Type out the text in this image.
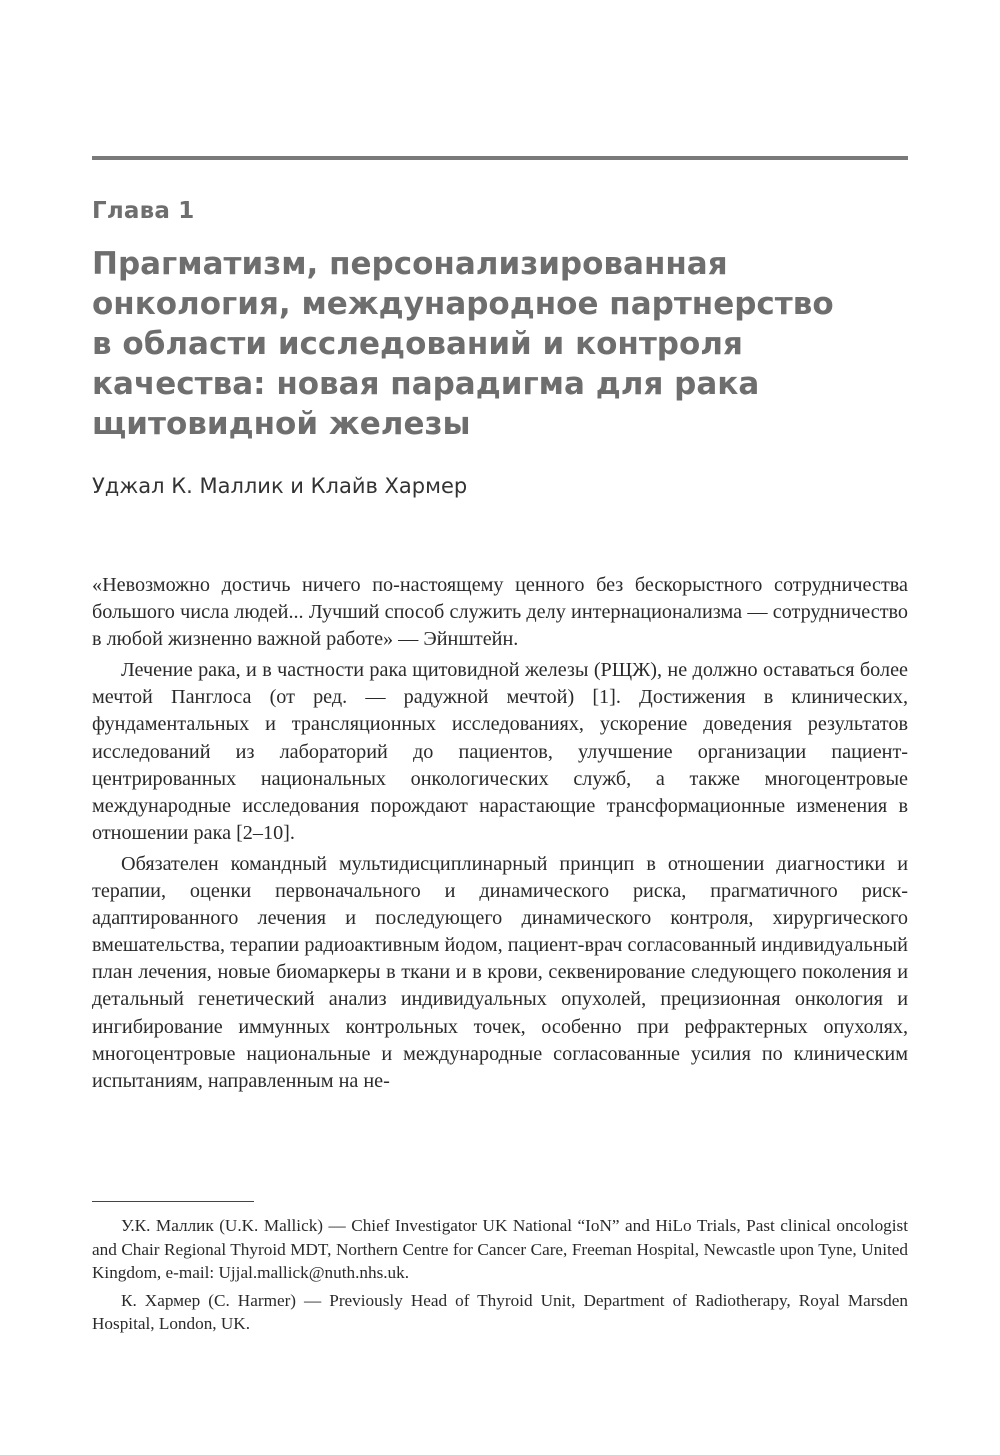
Глава 1
Прагматизм, персонализированная
онкология, международное партнерство
в области исследований и контроля
качества: новая парадигма для рака
щитовидной железы
Уджал К. Маллик и Клайв Хармер

«Невозможно достичь ничего по-настоящему ценного без бескорыстного сотрудничества большого числа людей... Лучший способ служить делу интернационализма — сотрудничество в любой жизненно важной работе» — Эйнштейн.

Лечение рака, и в частности рака щитовидной железы (РЩЖ), не должно оставаться более мечтой Панглоса (от ред. — радужной мечтой) [1]. Достижения в клинических, фундаментальных и трансляционных исследованиях, ускорение доведения результатов исследований из лабораторий до пациентов, улучшение организации пациент-центрированных национальных онкологических служб, а также многоцентровые международные исследования порождают нарастающие трансформационные изменения в отношении рака [2–10].

Обязателен командный мультидисциплинарный принцип в отношении диагностики и терапии, оценки первоначального и динамического риска, прагматичного риск-адаптированного лечения и последующего динамического контроля, хирургического вмешательства, терапии радиоактивным йодом, пациент-врач согласованный индивидуальный план лечения, новые биомаркеры в ткани и в крови, секвенирование следующего поколения и детальный генетический анализ индивидуальных опухолей, прецизионная онкология и ингибирование иммунных контрольных точек, особенно при рефрактерных опухолях, многоцентровые национальные и международные согласованные усилия по клиническим испытаниям, направленным на не-

У.К. Маллик (U.K. Mallick) — Chief Investigator UK National “IoN” and HiLo Trials, Past clinical oncologist and Chair Regional Thyroid MDT, Northern Centre for Cancer Care, Freeman Hospital, Newcastle upon Tyne, United Kingdom, e-mail: Ujjal.mallick@nuth.nhs.uk.

К. Хармер (C. Harmer) — Previously Head of Thyroid Unit, Department of Radiotherapy, Royal Marsden Hospital, London, UK.
